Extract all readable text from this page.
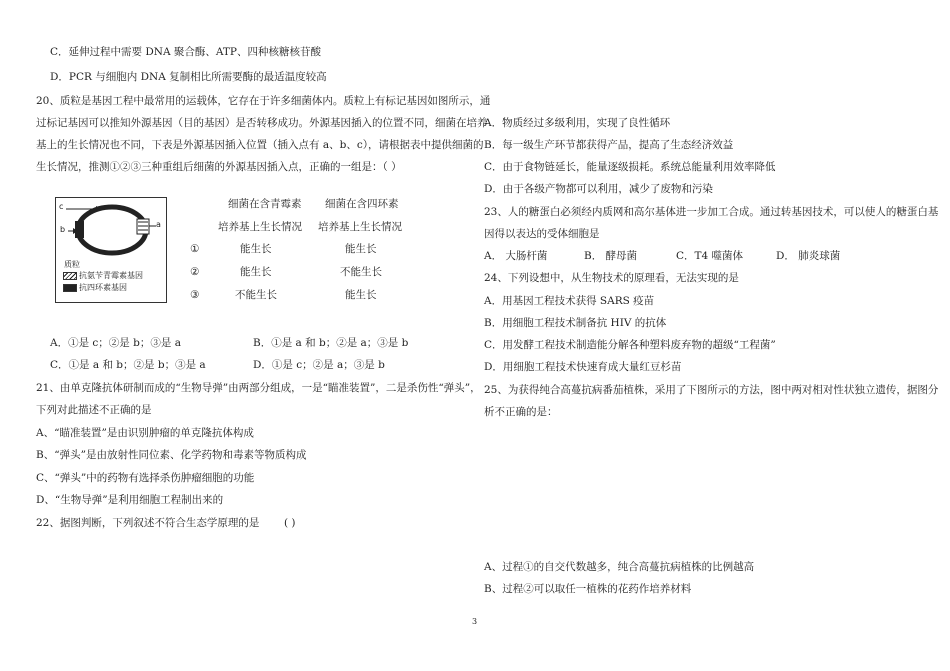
C．延伸过程中需要 DNA 聚合酶、ATP、四种核糖核苷酸
D．PCR 与细胞内 DNA 复制相比所需要酶的最适温度较高
20、质粒是基因工程中最常用的运载体，它存在于许多细菌体内。质粒上有标记基因如图所示，通
过标记基因可以推知外源基因（目的基因）是否转移成功。外源基因插入的位置不同，细菌在培养
基上的生长情况也不同，下表是外源基因插入位置（插入点有 a、b、c），请根据表中提供细菌的
生长情况，推测①②③三种重组后细菌的外源基因插入点，正确的一组是：（ ）
c
b
a
质粒
抗氨苄青霉素基因
抗四环素基因
细菌在含青霉素
培养基上生长情况
细菌在含四环素
培养基上生长情况
①	能生长	能生长
②	能生长	不能生长
③	不能生长	能生长
A．①是 c；②是 b；③是 a	B．①是 a 和 b；②是 a；③是 b
C．①是 a 和 b；②是 b；③是 a	D．①是 c；②是 a；③是 b
21、由单克隆抗体研制而成的“生物导弹”由两部分组成，一是“瞄准装置”，二是杀伤性“弹头”，
下列对此描述不正确的是
A、“瞄准装置”是由识别肿瘤的单克隆抗体构成
B、“弹头”是由放射性同位素、化学药物和毒素等物质构成
C、“弹头”中的药物有选择杀伤肿瘤细胞的功能
D、“生物导弹”是利用细胞工程制出来的
22、据图判断，下列叙述不符合生态学原理的是 ( )
A．物质经过多级利用，实现了良性循环
B．每一级生产环节都获得产品，提高了生态经济效益
C．由于食物链延长，能量逐级损耗。系统总能量利用效率降低
D．由于各级产物都可以利用，减少了废物和污染
23、人的糖蛋白必须经内质网和高尔基体进一步加工合成。通过转基因技术，可以使人的糖蛋白基
因得以表达的受体细胞是
A． 大肠杆菌	B． 酵母菌	C．T4 噬菌体	D． 肺炎球菌
24、下列设想中，从生物技术的原理看，无法实现的是
A．用基因工程技术获得 SARS 疫苗
B．用细胞工程技术制备抗 HIV 的抗体
C．用发酵工程技术制造能分解各种塑料废弃物的超级“工程菌”
D．用细胞工程技术快速育成大量红豆杉苗
25、为获得纯合高蔓抗病番茄植株，采用了下图所示的方法，图中两对相对性状独立遗传，据图分
析不正确的是：
A、过程①的自交代数越多，纯合高蔓抗病植株的比例越高
B、过程②可以取任一植株的花药作培养材料
3
